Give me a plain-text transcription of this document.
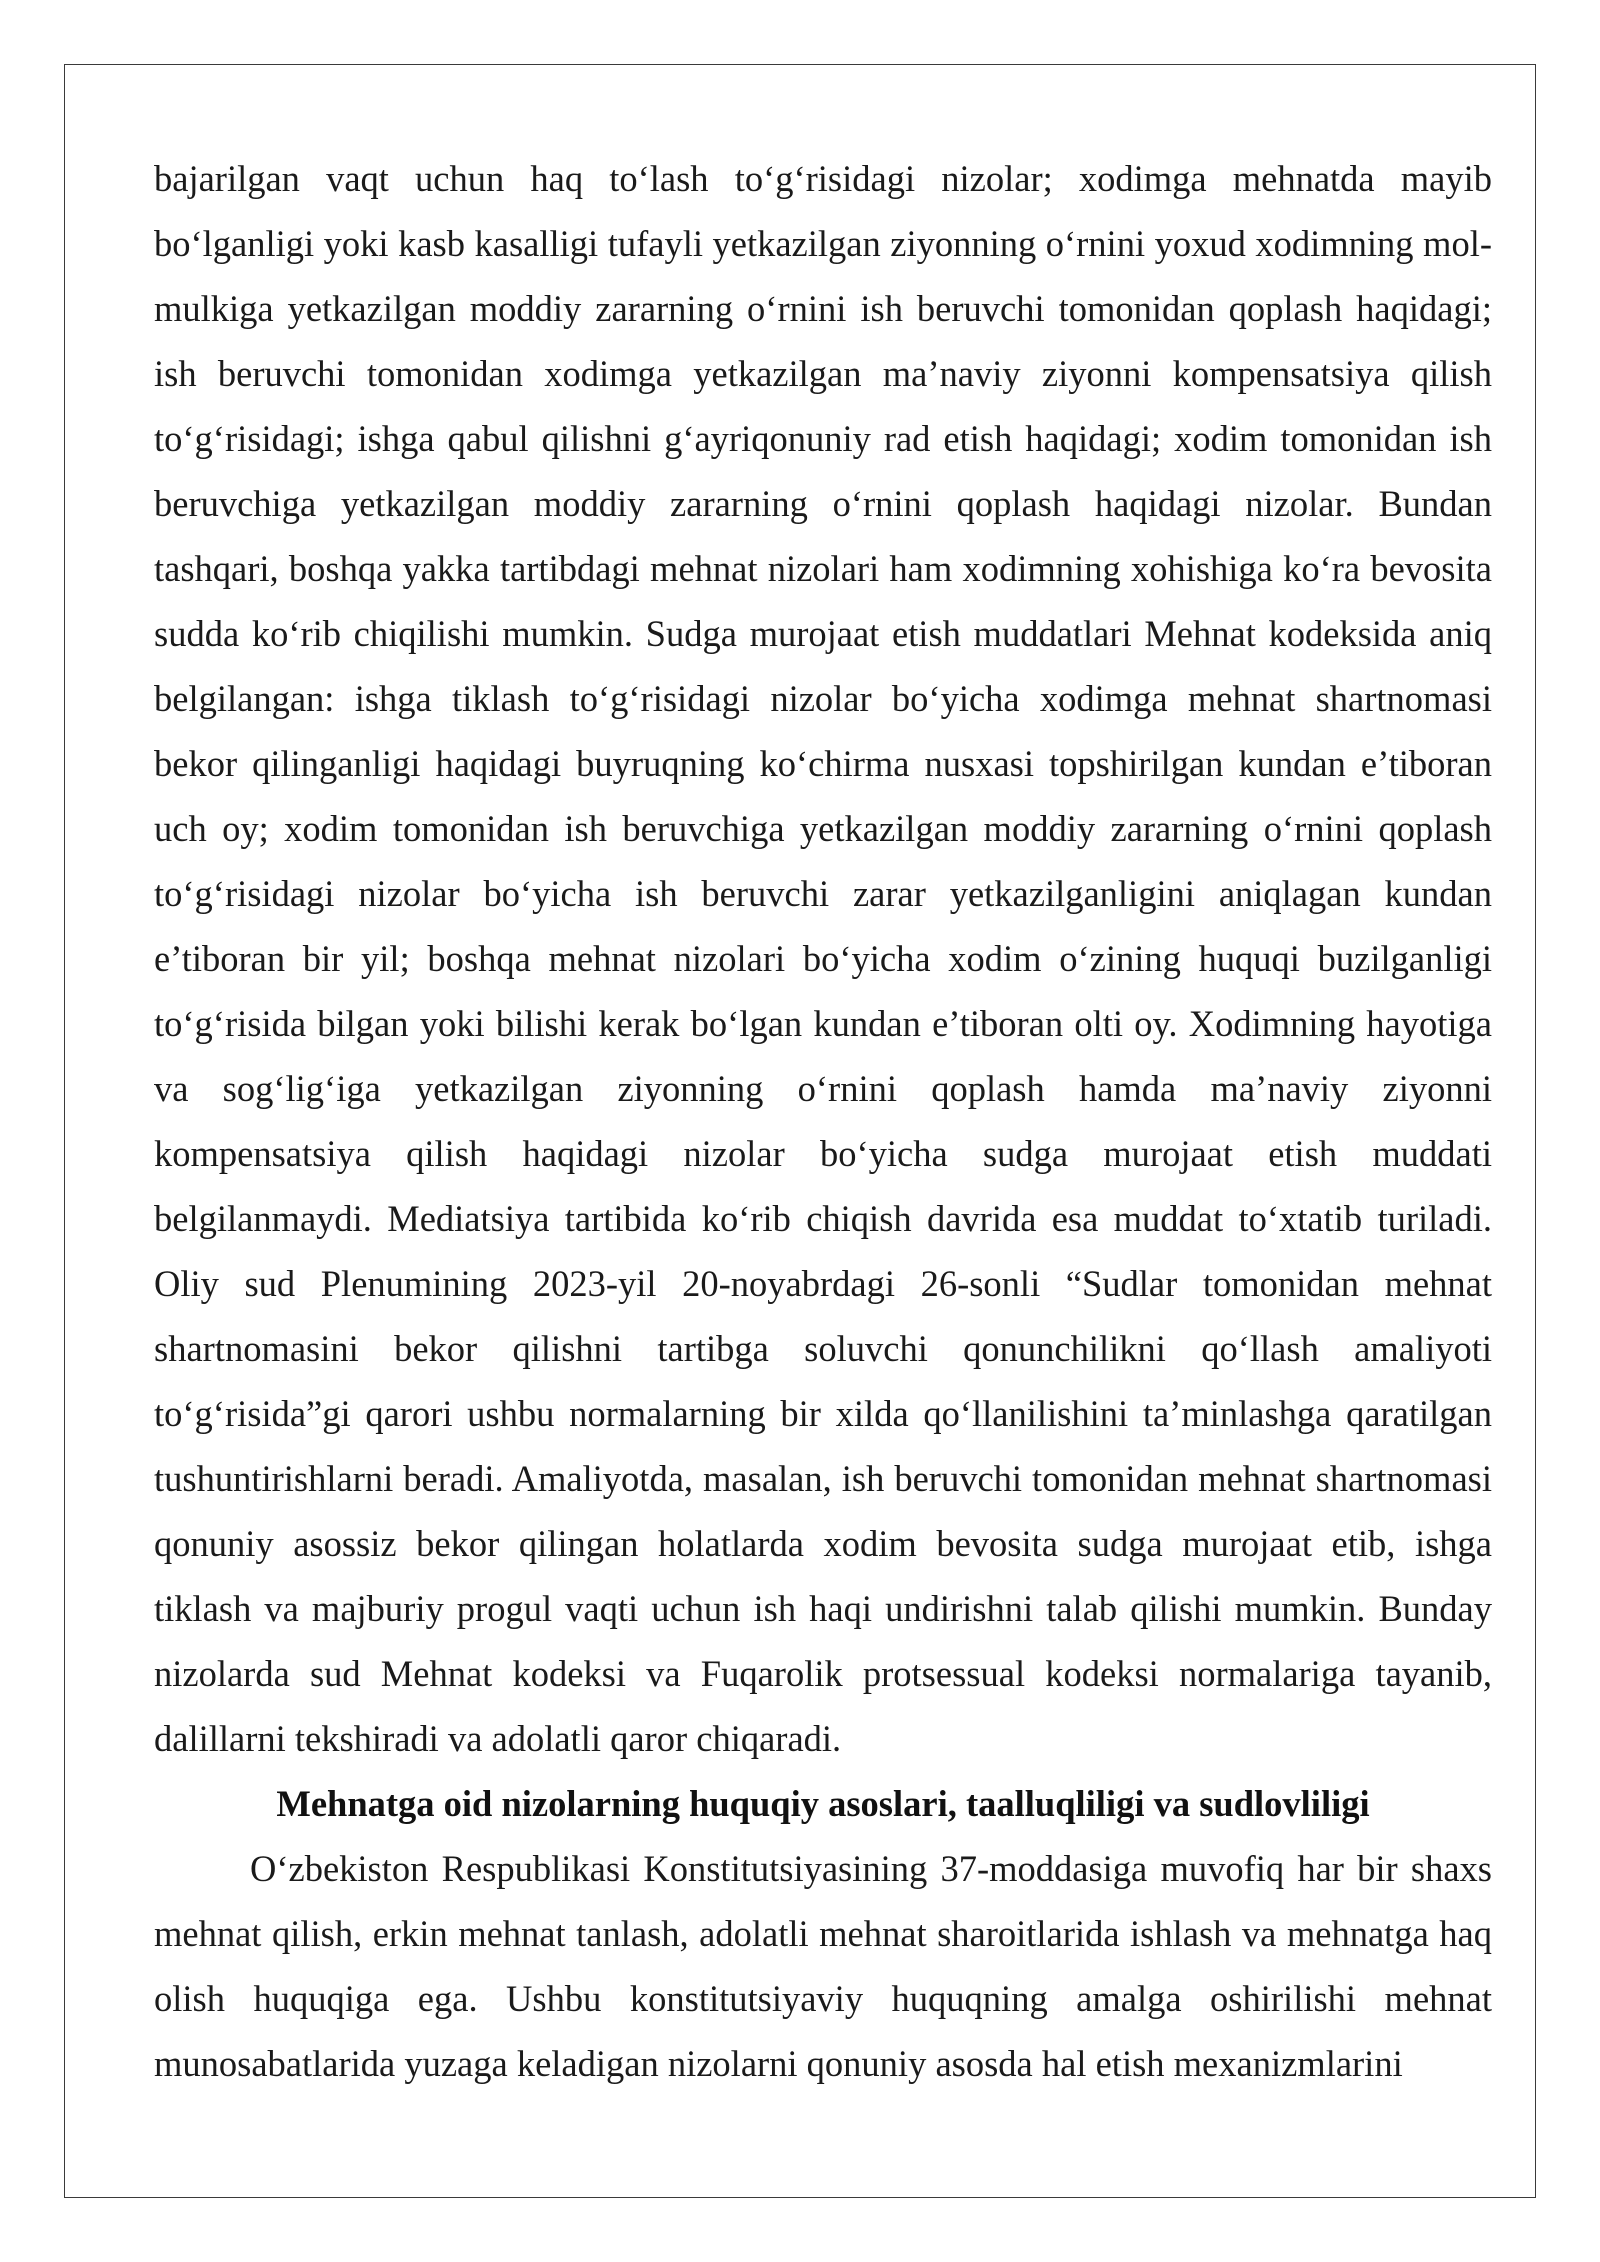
bajarilgan vaqt uchun haq to‘lash to‘g‘risidagi nizolar; xodimga mehnatda mayib bo‘lganligi yoki kasb kasalligi tufayli yetkazilgan ziyonning o‘rnini yoxud xodimning mol-mulkiga yetkazilgan moddiy zararning o‘rnini ish beruvchi tomonidan qoplash haqidagi; ish beruvchi tomonidan xodimga yetkazilgan ma’naviy ziyonni kompensatsiya qilish to‘g‘risidagi; ishga qabul qilishni g‘ayriqonuniy rad etish haqidagi; xodim tomonidan ish beruvchiga yetkazilgan moddiy zararning o‘rnini qoplash haqidagi nizolar. Bundan tashqari, boshqa yakka tartibdagi mehnat nizolari ham xodimning xohishiga ko‘ra bevosita sudda ko‘rib chiqilishi mumkin. Sudga murojaat etish muddatlari Mehnat kodeksida aniq belgilangan: ishga tiklash to‘g‘risidagi nizolar bo‘yicha xodimga mehnat shartnomasi bekor qilinganligi haqidagi buyruqning ko‘chirma nusxasi topshirilgan kundan e’tiboran uch oy; xodim tomonidan ish beruvchiga yetkazilgan moddiy zararning o‘rnini qoplash to‘g‘risidagi nizolar bo‘yicha ish beruvchi zarar yetkazilganligini aniqlagan kundan e’tiboran bir yil; boshqa mehnat nizolari bo‘yicha xodim o‘zining huquqi buzilganligi to‘g‘risida bilgan yoki bilishi kerak bo‘lgan kundan e’tiboran olti oy. Xodimning hayotiga va sog‘lig‘iga yetkazilgan ziyonning o‘rnini qoplash hamda ma’naviy ziyonni kompensatsiya qilish haqidagi nizolar bo‘yicha sudga murojaat etish muddati belgilanmaydi. Mediatsiya tartibida ko‘rib chiqish davrida esa muddat to‘xtatib turiladi. Oliy sud Plenumining 2023-yil 20-noyabrdagi 26-sonli “Sudlar tomonidan mehnat shartnomasini bekor qilishni tartibga soluvchi qonunchilikni qo‘llash amaliyoti to‘g‘risida”gi qarori ushbu normalarning bir xilda qo‘llanilishini ta’minlashga qaratilgan tushuntirishlarni beradi. Amaliyotda, masalan, ish beruvchi tomonidan mehnat shartnomasi qonuniy asossiz bekor qilingan holatlarda xodim bevosita sudga murojaat etib, ishga tiklash va majburiy progul vaqti uchun ish haqi undirishni talab qilishi mumkin. Bunday nizolarda sud Mehnat kodeksi va Fuqarolik protsessual kodeksi normalariga tayanib, dalillarni tekshiradi va adolatli qaror chiqaradi.

Mehnatga oid nizolarning huquqiy asoslari, taalluqliligi va sudlovliligi

O‘zbekiston Respublikasi Konstitutsiyasining 37-moddasiga muvofiq har bir shaxs mehnat qilish, erkin mehnat tanlash, adolatli mehnat sharoitlarida ishlash va mehnatga haq olish huquqiga ega. Ushbu konstitutsiyaviy huquqning amalga oshirilishi mehnat munosabatlarida yuzaga keladigan nizolarni qonuniy asosda hal etish mexanizmlarini
